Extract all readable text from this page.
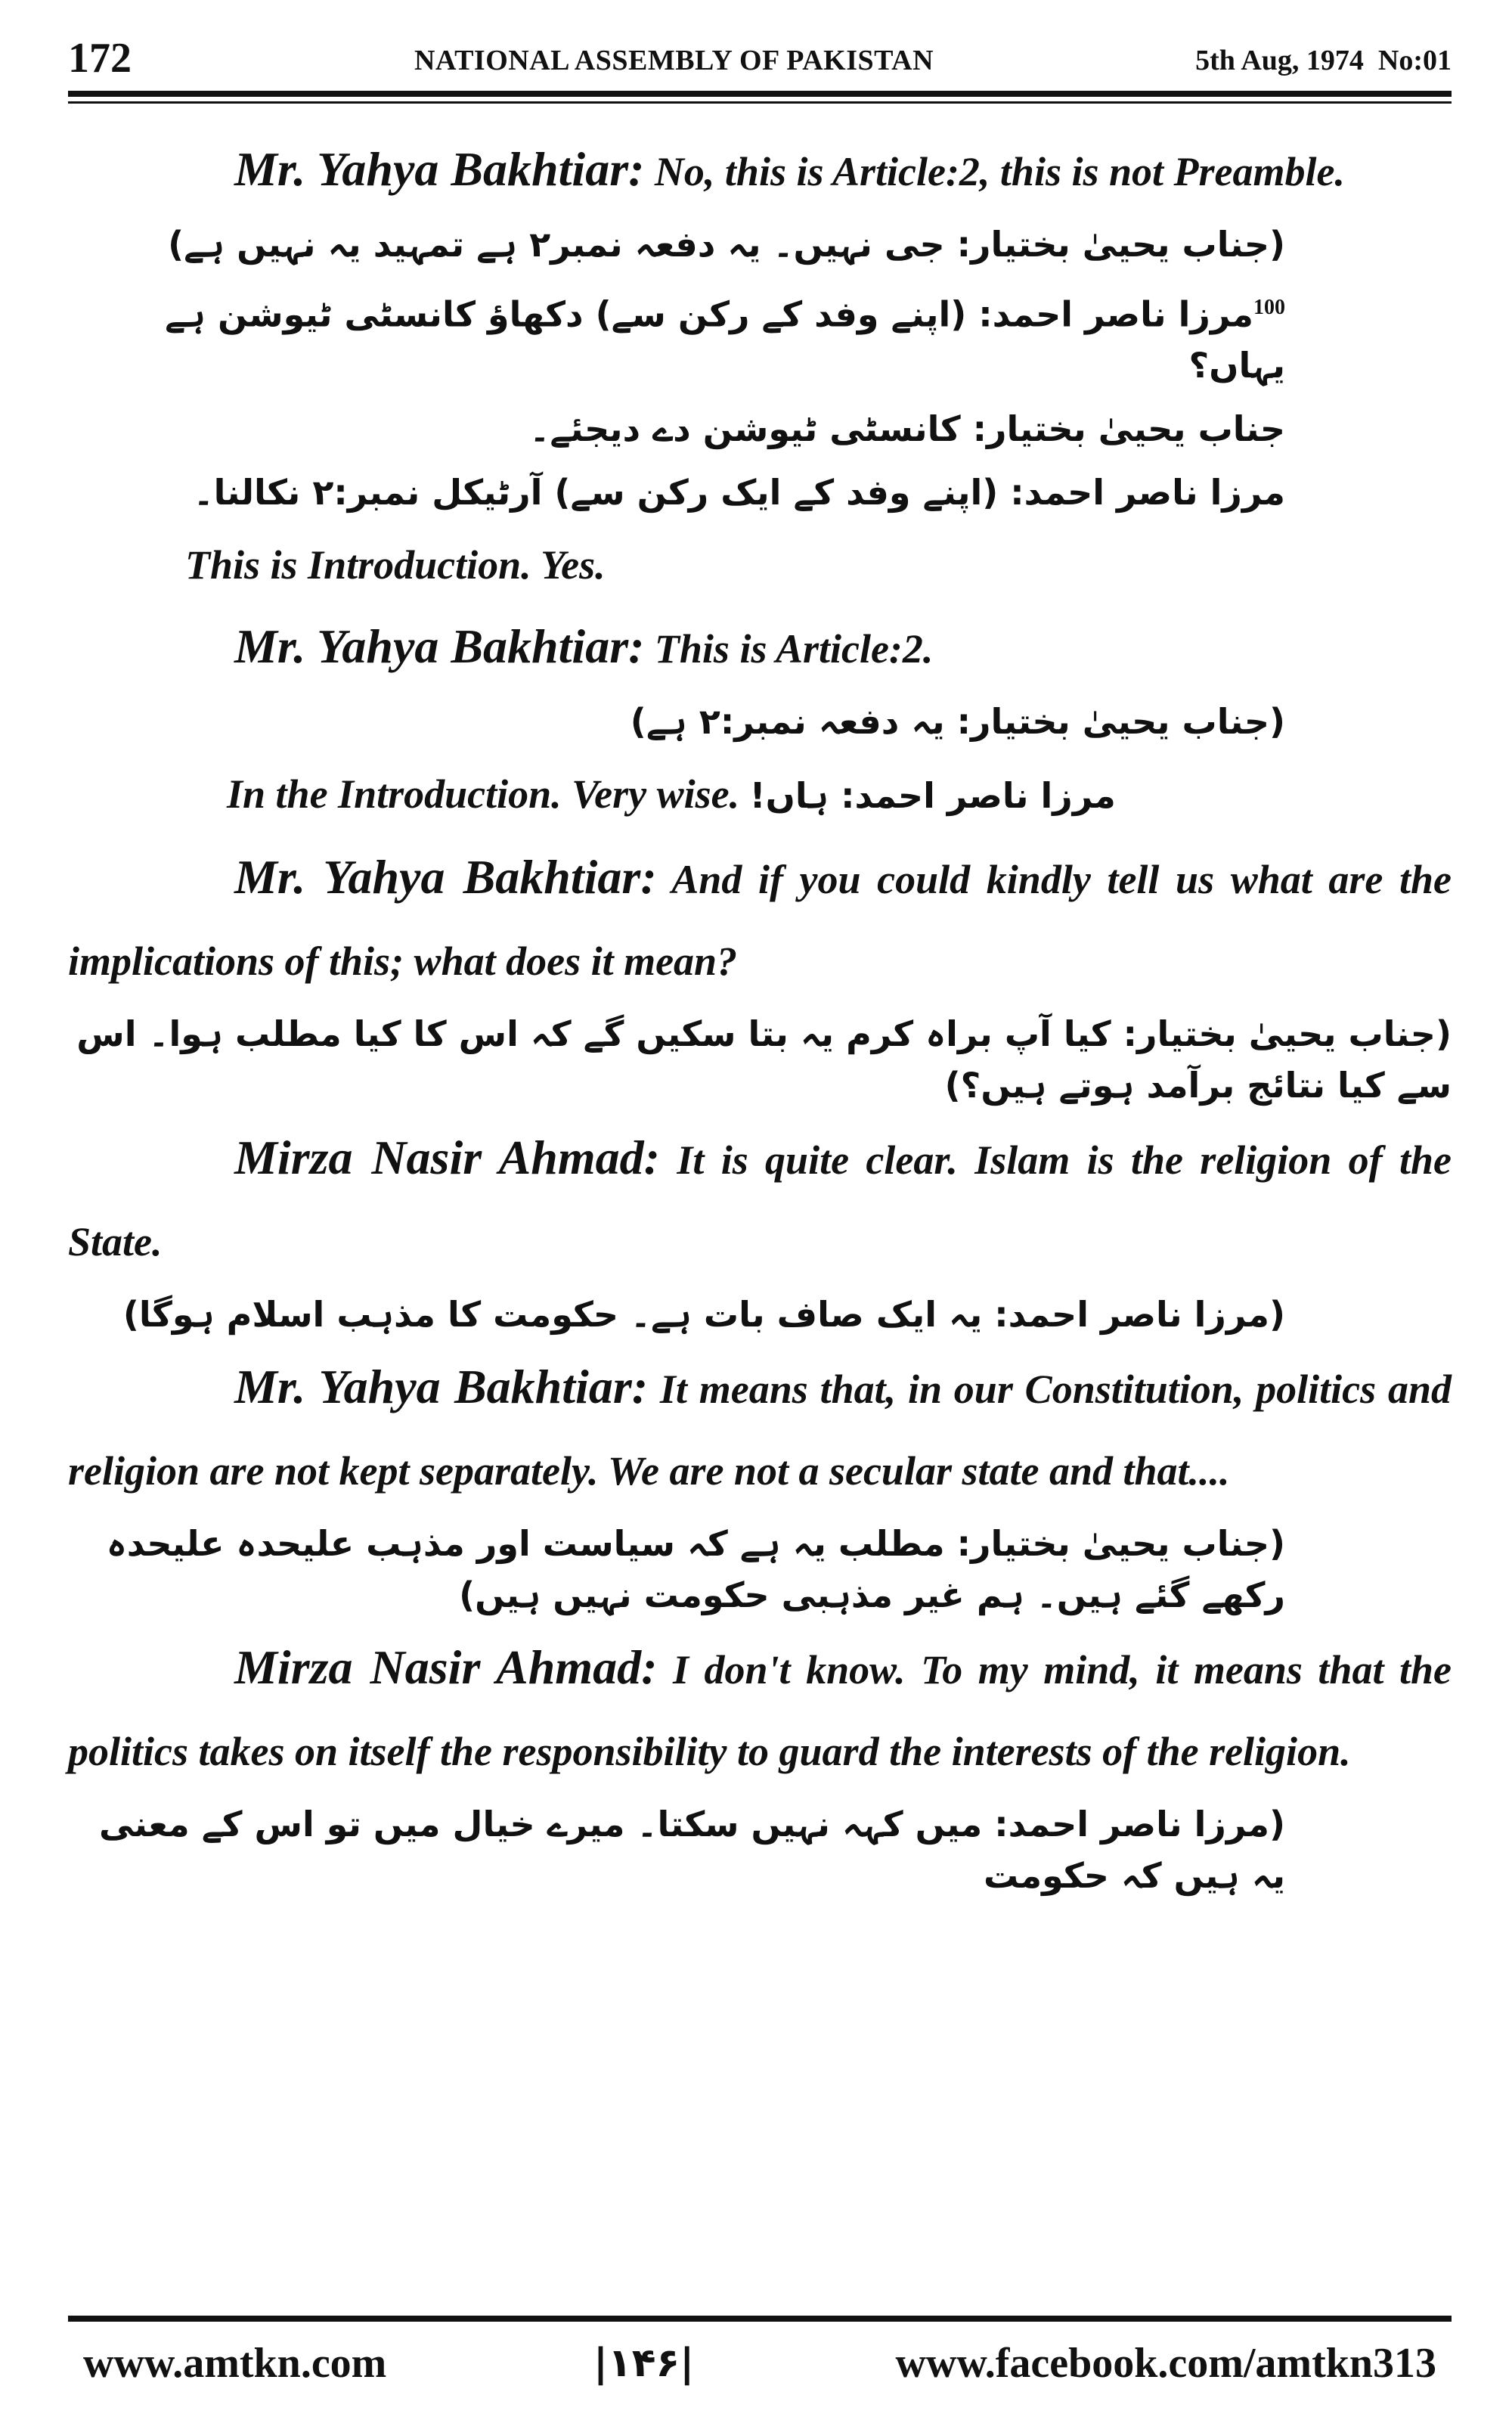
172	NATIONAL ASSEMBLY OF PAKISTAN	5th Aug, 1974  No:01

Mr. Yahya Bakhtiar: No, this is Article:2, this is not Preamble.

(جناب یحییٰ بختیار: جی نہیں۔ یہ دفعہ نمبر۲ ہے تمہید یہ نہیں ہے)

$^{100}$مرزا ناصر احمد: (اپنے وفد کے رکن سے) دکھاؤ کانسٹی ٹیوشن ہے یہاں؟

جناب یحییٰ بختیار: کانسٹی ٹیوشن دے دیجئے۔

مرزا ناصر احمد: (اپنے وفد کے ایک رکن سے) آرٹیکل نمبر:۲ نکالنا۔

This is Introduction. Yes.

Mr. Yahya Bakhtiar: This is Article:2.

(جناب یحییٰ بختیار: یہ دفعہ نمبر:۲ ہے)

In the Introduction. Very wise. مرزا ناصر احمد: ہاں!

Mr. Yahya Bakhtiar: And if you could kindly tell us what are the implications of this; what does it mean?

(جناب یحییٰ بختیار: کیا آپ براہ کرم یہ بتا سکیں گے کہ اس کا کیا مطلب ہوا۔ اس سے کیا نتائج برآمد ہوتے ہیں؟)

Mirza Nasir Ahmad: It is quite clear. Islam is the religion of the State.

(مرزا ناصر احمد: یہ ایک صاف بات ہے۔ حکومت کا مذہب اسلام ہوگا)

Mr. Yahya Bakhtiar: It means that, in our Constitution, politics and religion are not kept separately. We are not a secular state and that....

(جناب یحییٰ بختیار: مطلب یہ ہے کہ سیاست اور مذہب علیحدہ علیحدہ رکھے گئے ہیں۔ ہم غیر مذہبی حکومت نہیں ہیں)

Mirza Nasir Ahmad: I don't know. To my mind, it means that the politics takes on itself the responsibility to guard the interests of the religion.

(مرزا ناصر احمد: میں کہہ نہیں سکتا۔ میرے خیال میں تو اس کے معنی یہ ہیں کہ حکومت

www.amtkn.com	|۱۴۶|	www.facebook.com/amtkn313
